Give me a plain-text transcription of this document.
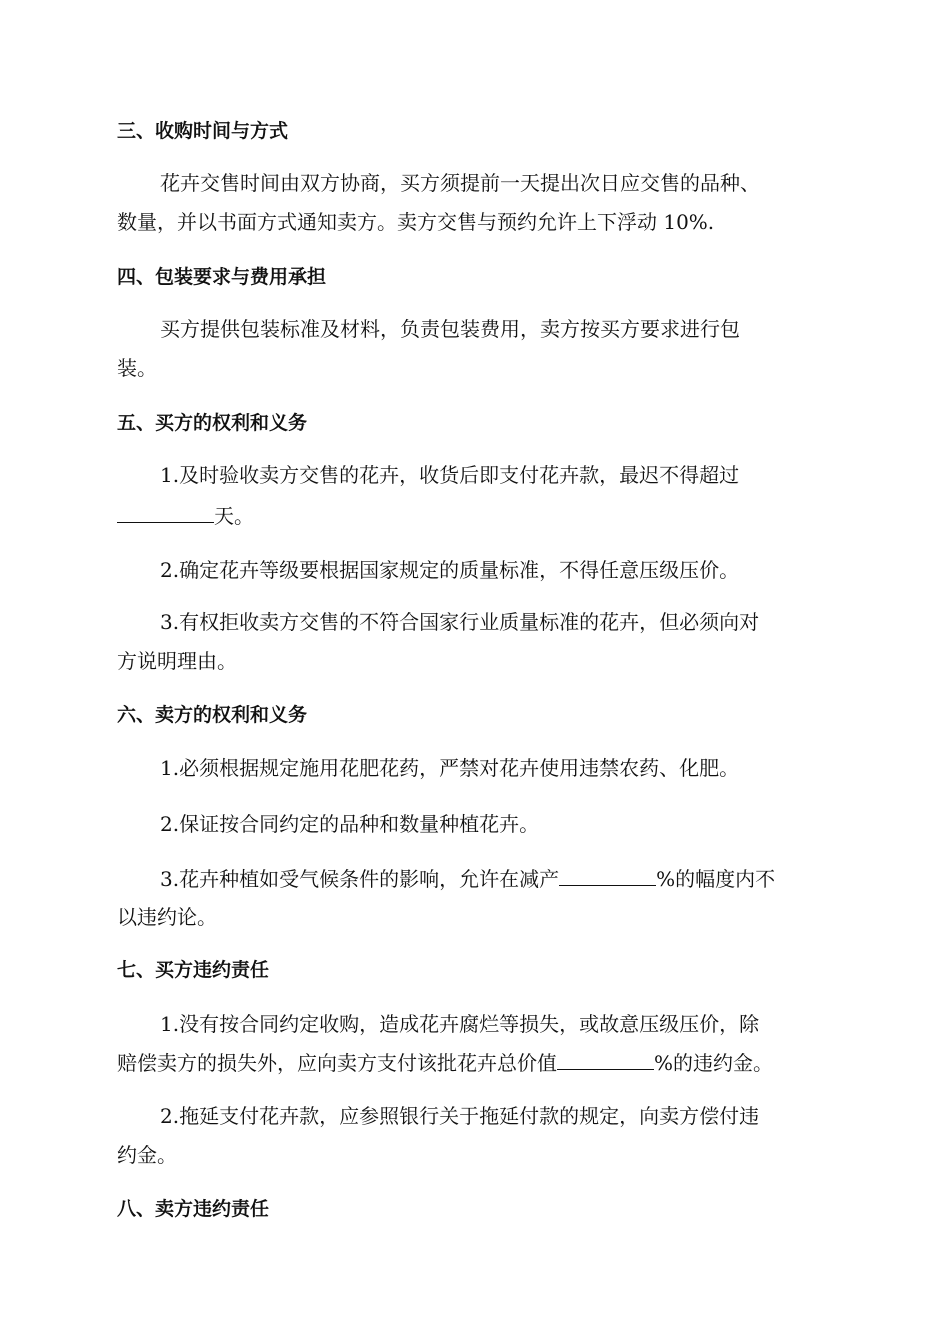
三、收购时间与方式
花卉交售时间由双方协商，买方须提前一天提出次日应交售的品种、
数量，并以书面方式通知卖方。卖方交售与预约允许上下浮动 10%.
四、包装要求与费用承担
买方提供包装标准及材料，负责包装费用，卖方按买方要求进行包
装。
五、买方的权利和义务
1.及时验收卖方交售的花卉，收货后即支付花卉款，最迟不得超过
天。
2.确定花卉等级要根据国家规定的质量标准，不得任意压级压价。
3.有权拒收卖方交售的不符合国家行业质量标准的花卉，但必须向对
方说明理由。
六、卖方的权利和义务
1.必须根据规定施用花肥花药，严禁对花卉使用违禁农药、化肥。
2.保证按合同约定的品种和数量种植花卉。
3.花卉种植如受气候条件的影响，允许在减产	%的幅度内不
以违约论。
七、买方违约责任
1.没有按合同约定收购，造成花卉腐烂等损失，或故意压级压价，除
赔偿卖方的损失外，应向卖方支付该批花卉总价值	%的违约金。
2.拖延支付花卉款，应参照银行关于拖延付款的规定，向卖方偿付违
约金。
八、卖方违约责任
